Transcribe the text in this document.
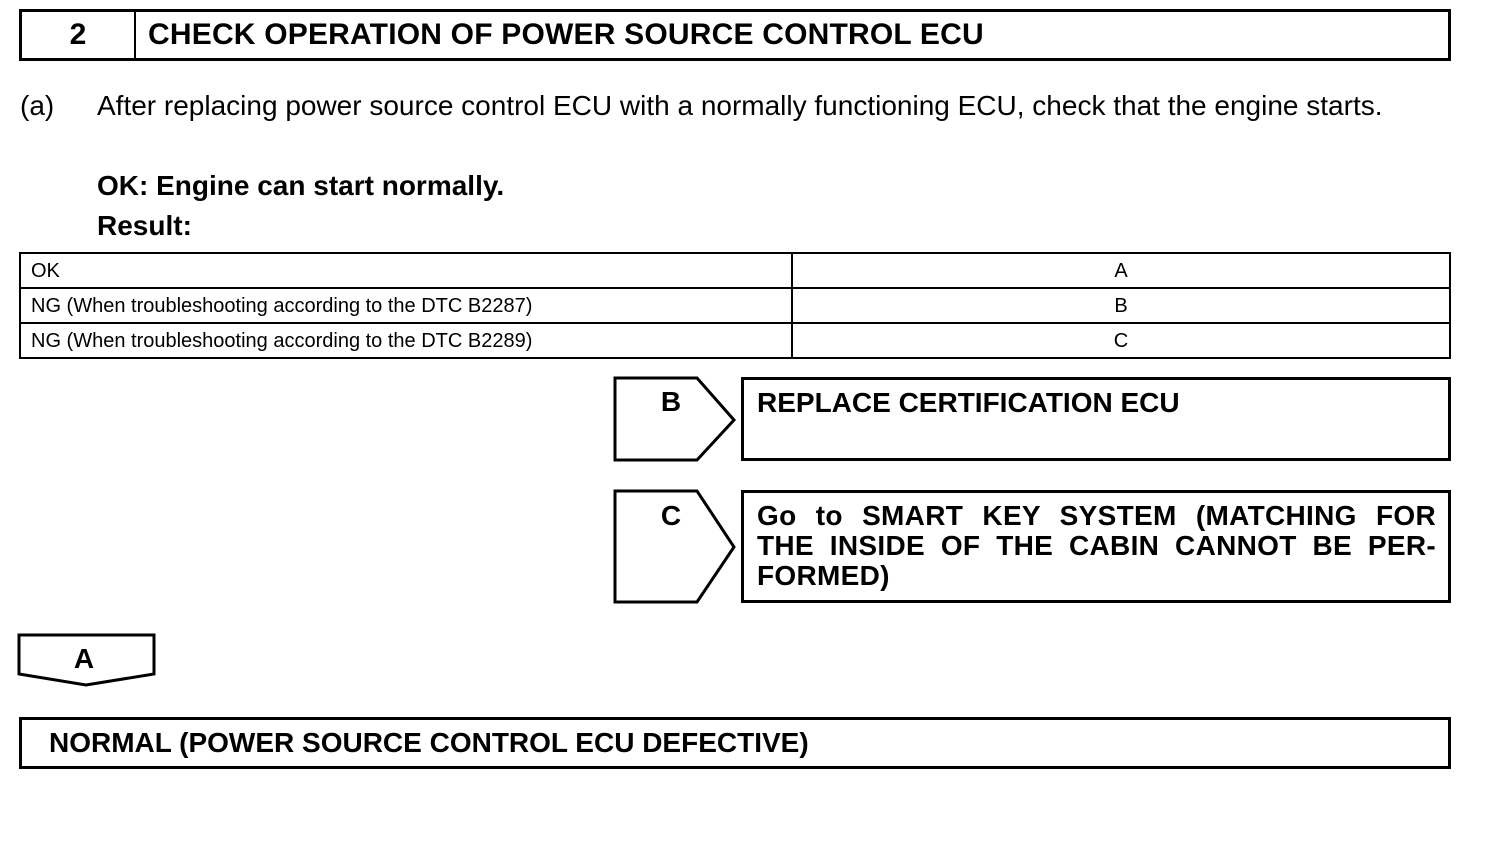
2	CHECK OPERATION OF POWER SOURCE CONTROL ECU
(a) After replacing power source control ECU with a normally functioning ECU, check that the engine starts.
OK: Engine can start normally.
Result:
OK	A
NG (When troubleshooting according to the DTC B2287)	B
NG (When troubleshooting according to the DTC B2289)	C
B	REPLACE CERTIFICATION ECU
C	Go to SMART KEY SYSTEM (MATCHING FOR
THE INSIDE OF THE CABIN CANNOT BE PER-
FORMED)
A
NORMAL (POWER SOURCE CONTROL ECU DEFECTIVE)
